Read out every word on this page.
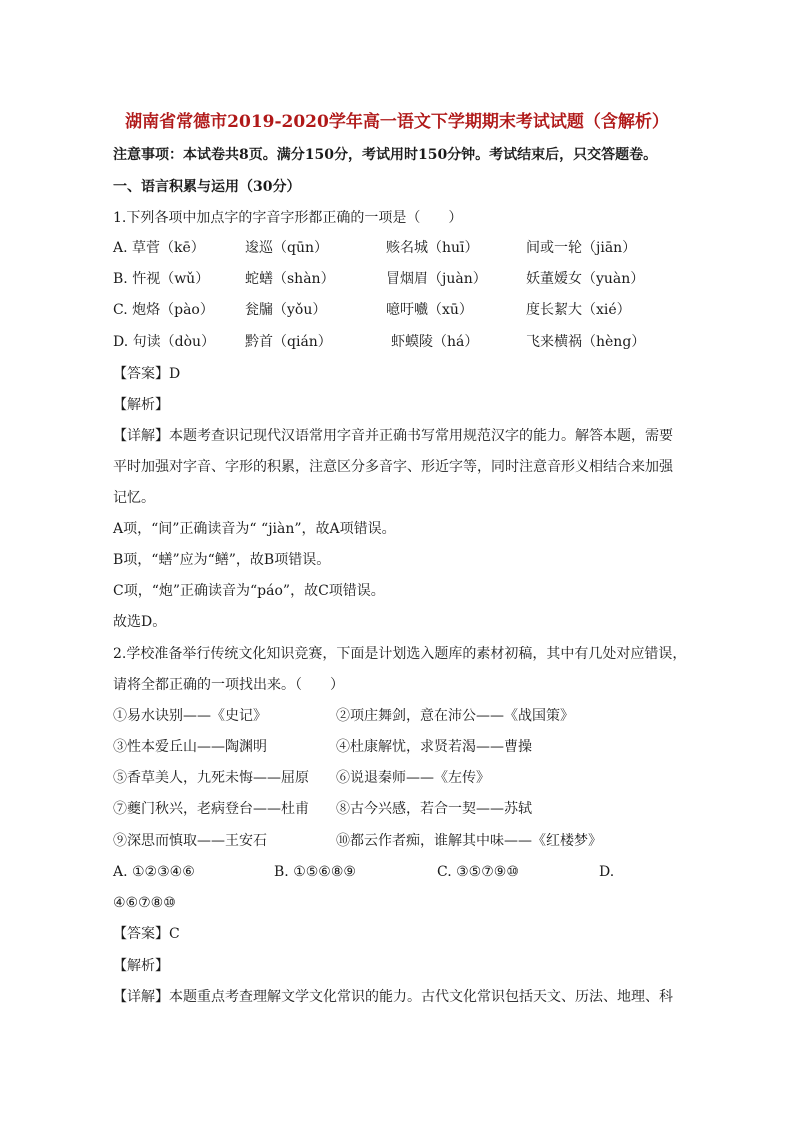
湖南省常德市2019-2020学年高一语文下学期期末考试试题（含解析）
注意事项：本试卷共8页。满分150分，考试用时150分钟。考试结束后，只交答题卷。
一、语言积累与运用（30分）
1.下列各项中加点字的字音字形都正确的一项是（　　）
A. 草菅（kē）	逡巡（qūn）	赅名城（huī）	间或一轮（jiān）
B. 忤视（wǔ）	蛇蟮（shàn）	冒烟眉（juàn）	妖董嫒女（yuàn）
C. 炮烙（pào） 瓮牖（yǒu）	噫吁嚱（xū）	度长絜大（xié）
D. 句读（dòu） 黔首（qián）	虾蟆陵（há）	飞来横祸（hèng）
【答案】D
【解析】
【详解】本题考查识记现代汉语常用字音并正确书写常用规范汉字的能力。解答本题，需要
平时加强对字音、字形的积累，注意区分多音字、形近字等，同时注意音形义相结合来加强
记忆。
A项，“间”正确读音为“ “jiàn”，故A项错误。
B项，“蟮”应为“鳝”，故B项错误。
C项，“炮”正确读音为“páo”，故C项错误。
故选D。
2.学校准备举行传统文化知识竞赛，下面是计划选入题库的素材初稿，其中有几处对应错误，
请将全都正确的一项找出来。（　　）
①易水诀别——《史记》	②项庄舞剑，意在沛公——《战国策》
③性本爱丘山——陶渊明	④杜康解忧，求贤若渴——曹操
⑤香草美人，九死未悔——屈原 ⑥说退秦师——《左传》
⑦夔门秋兴，老病登台——杜甫 ⑧古今兴感，若合一契——苏轼
⑨深思而慎取——王安石	⑩都云作者痴，谁解其中味——《红楼梦》
A. ①②③④⑥	B. ①⑤⑥⑧⑨	C. ③⑤⑦⑨⑩	D.
④⑥⑦⑧⑩
【答案】C
【解析】
【详解】本题重点考查理解文学文化常识的能力。古代文化常识包括天文、历法、地理、科
